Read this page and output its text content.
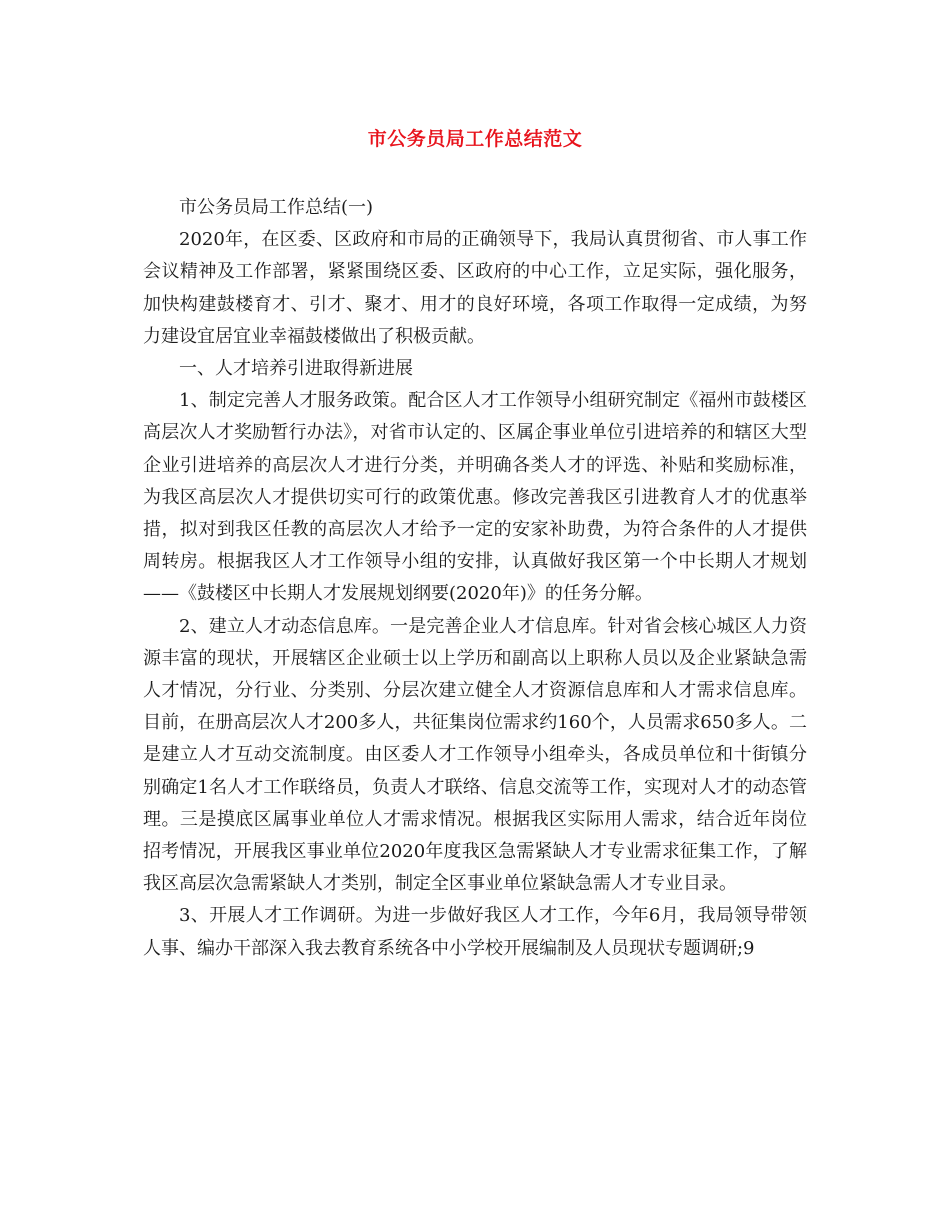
市公务员局工作总结范文

市公务员局工作总结(一)

2020年，在区委、区政府和市局的正确领导下，我局认真贯彻省、市人事工作会议精神及工作部署，紧紧围绕区委、区政府的中心工作，立足实际，强化服务，加快构建鼓楼育才、引才、聚才、用才的良好环境，各项工作取得一定成绩，为努力建设宜居宜业幸福鼓楼做出了积极贡献。

一、人才培养引进取得新进展

1、制定完善人才服务政策。配合区人才工作领导小组研究制定《福州市鼓楼区高层次人才奖励暂行办法》，对省市认定的、区属企事业单位引进培养的和辖区大型企业引进培养的高层次人才进行分类，并明确各类人才的评选、补贴和奖励标准，为我区高层次人才提供切实可行的政策优惠。修改完善我区引进教育人才的优惠举措，拟对到我区任教的高层次人才给予一定的安家补助费，为符合条件的人才提供周转房。根据我区人才工作领导小组的安排，认真做好我区第一个中长期人才规划——《鼓楼区中长期人才发展规划纲要(2020年)》的任务分解。

2、建立人才动态信息库。一是完善企业人才信息库。针对省会核心城区人力资源丰富的现状，开展辖区企业硕士以上学历和副高以上职称人员以及企业紧缺急需人才情况，分行业、分类别、分层次建立健全人才资源信息库和人才需求信息库。目前，在册高层次人才200多人，共征集岗位需求约160个，人员需求650多人。二是建立人才互动交流制度。由区委人才工作领导小组牵头，各成员单位和十街镇分别确定1名人才工作联络员，负责人才联络、信息交流等工作，实现对人才的动态管理。三是摸底区属事业单位人才需求情况。根据我区实际用人需求，结合近年岗位招考情况，开展我区事业单位2020年度我区急需紧缺人才专业需求征集工作，了解我区高层次急需紧缺人才类别，制定全区事业单位紧缺急需人才专业目录。

3、开展人才工作调研。为进一步做好我区人才工作，今年6月，我局领导带领人事、编办干部深入我去教育系统各中小学校开展编制及人员现状专题调研;9
